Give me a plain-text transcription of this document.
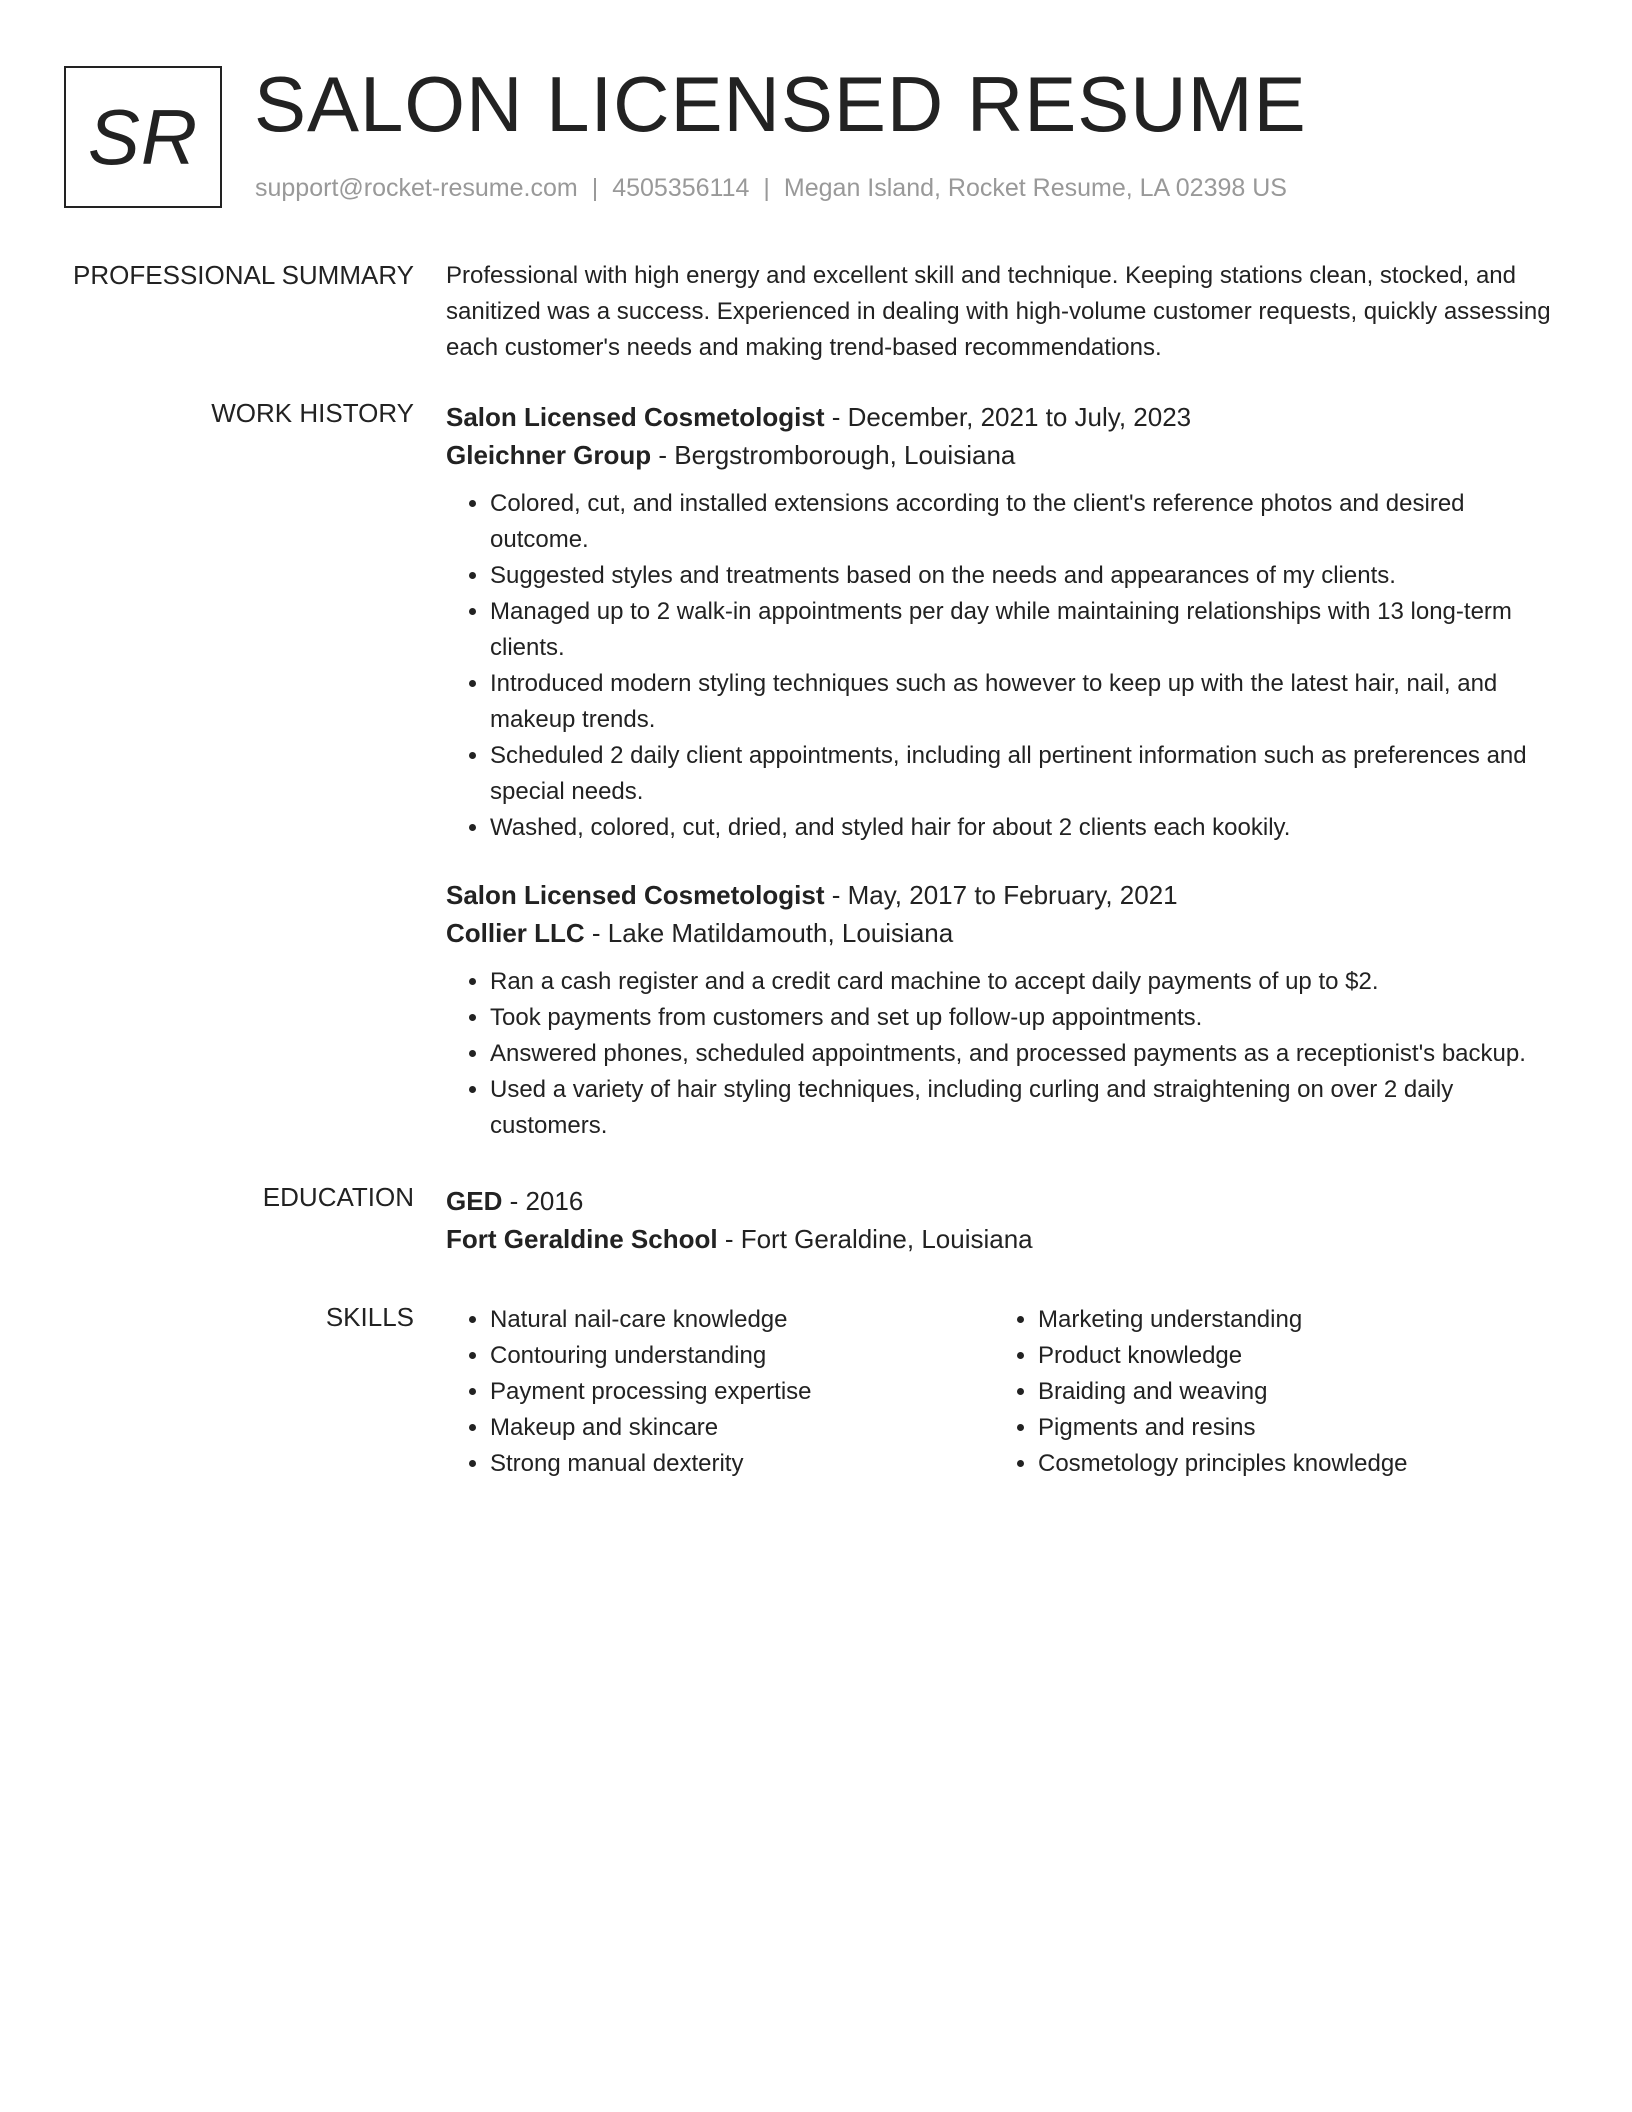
SR SALON LICENSED RESUME
support@rocket-resume.com | 4505356114 | Megan Island, Rocket Resume, LA 02398 US
PROFESSIONAL SUMMARY Professional with high energy and excellent skill and technique. Keeping stations clean, stocked, and sanitized was a success. Experienced in dealing with high-volume customer requests, quickly assessing each customer's needs and making trend-based recommendations.
WORK HISTORY Salon Licensed Cosmetologist - December, 2021 to July, 2023
Gleichner Group - Bergstromborough, Louisiana
• Colored, cut, and installed extensions according to the client's reference photos and desired outcome.
• Suggested styles and treatments based on the needs and appearances of my clients.
• Managed up to 2 walk-in appointments per day while maintaining relationships with 13 long-term clients.
• Introduced modern styling techniques such as however to keep up with the latest hair, nail, and makeup trends.
• Scheduled 2 daily client appointments, including all pertinent information such as preferences and special needs.
• Washed, colored, cut, dried, and styled hair for about 2 clients each kookily.
Salon Licensed Cosmetologist - May, 2017 to February, 2021
Collier LLC - Lake Matildamouth, Louisiana
• Ran a cash register and a credit card machine to accept daily payments of up to $2.
• Took payments from customers and set up follow-up appointments.
• Answered phones, scheduled appointments, and processed payments as a receptionist's backup.
• Used a variety of hair styling techniques, including curling and straightening on over 2 daily customers.
EDUCATION GED - 2016
Fort Geraldine School - Fort Geraldine, Louisiana
SKILLS
•	Natural nail-care knowledge
• Contouring understanding
• Payment processing expertise
• Makeup and skincare
• Strong manual dexterity
• Marketing understanding
• Product knowledge
• Braiding and weaving
• Pigments and resins
• Cosmetology principles knowledge
